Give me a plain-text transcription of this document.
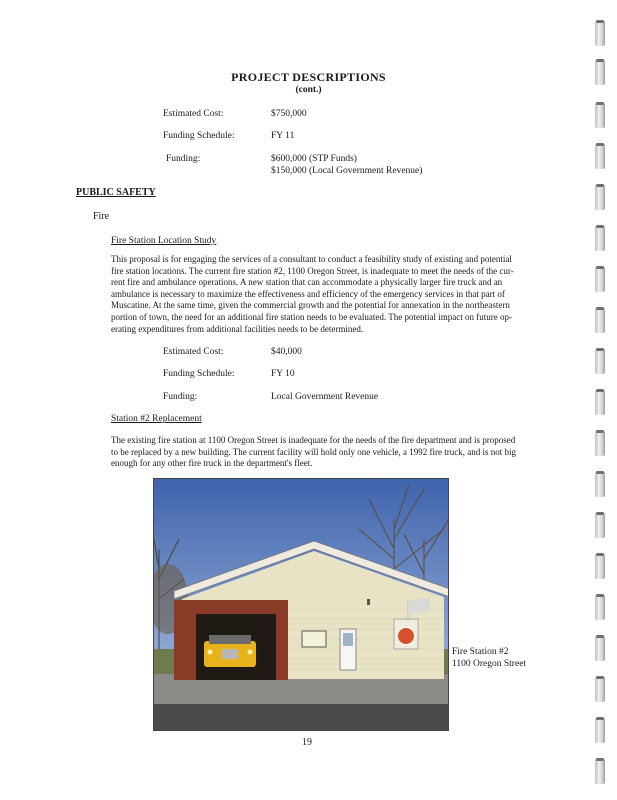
PROJECT DESCRIPTIONS
(cont.)
Estimated Cost:	$750,000
Funding Schedule:	FY 11
Funding:	$600,000 (STP Funds)
$150,000 (Local Government Revenue)
PUBLIC SAFETY
Fire
Fire Station Location Study
This proposal is for engaging the services of a consultant to conduct a feasibility study of existing and potential
fire station locations. The current fire station #2, 1100 Oregon Street, is inadequate to meet the needs of the cur-
rent fire and ambulance operations. A new station that can accommodate a physically larger fire truck and an
ambulance is necessary to maximize the effectiveness and efficiency of the emergency services in that part of
Muscatine. At the same time, given the commercial growth and the potential for annexation in the northeastern
portion of town, the need for an additional fire station needs to be evaluated. The potential impact on future op-
erating expenditures from additional facilities needs to be determined.
Estimated Cost:	$40,000
Funding Schedule:	FY 10
Funding:	Local Government Revenue
Station #2 Replacement
The existing fire station at 1100 Oregon Street is inadequate for the needs of the fire department and is proposed
to be replaced by a new building. The current facility will hold only one vehicle, a 1992 fire truck, and is not big
enough for any other fire truck in the department's fleet.
Fire Station #2
1100 Oregon Street
19
